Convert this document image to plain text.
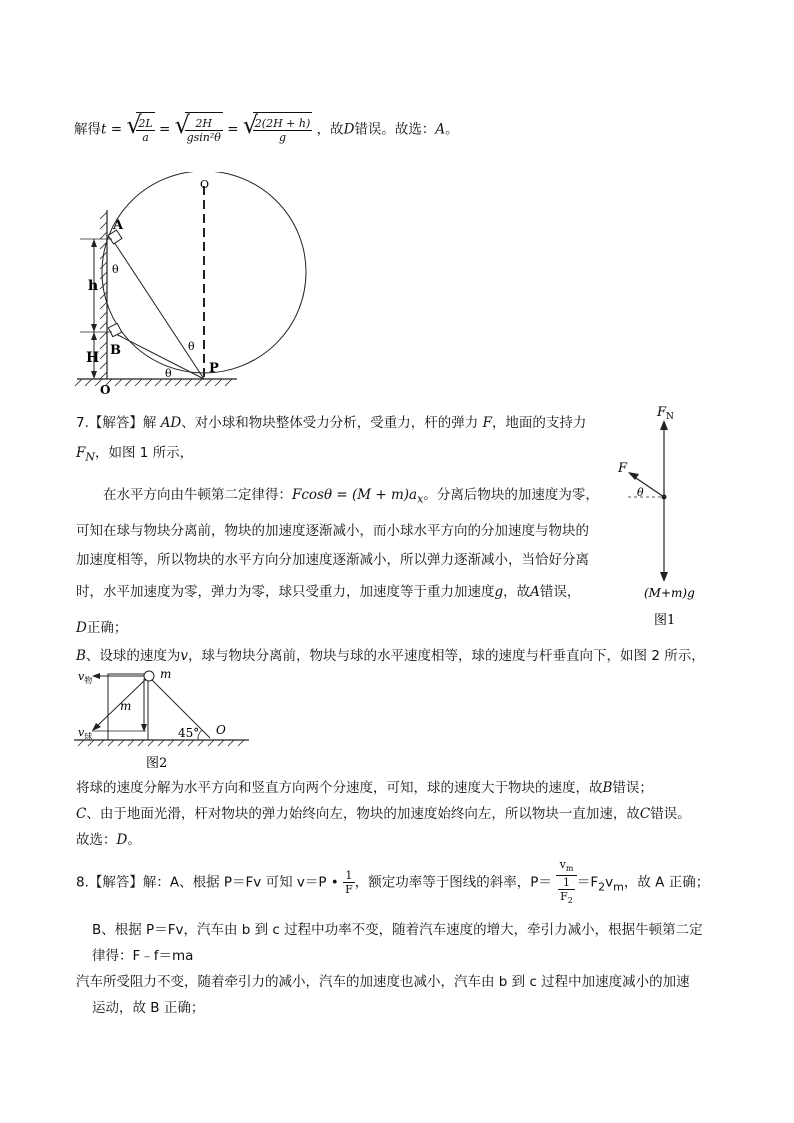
解得t = √
$\frac{2L}{a}$ = √
$\frac{2H}{\text{gsin²θ}}$ = √
$\frac{2(2H + h)}{g}$ ，故D错误。故选：A。
O
A
θ
h
B
H
θ
θ	P
O
7.【解答】解 AD、对小球和物块整体受力分析，受重力，杆的弹力 F，地面的支持力
$F_N$，如图 1 所示，
在水平方向由牛顿第二定律得：$Fcos\theta = (M + m)a_x$。分离后物块的加速度为零，
可知在球与物块分离前，物块的加速度逐渐减小，而小球水平方向的分加速度与物块的
加速度相等，所以物块的水平方向分加速度逐渐减小，所以弹力逐渐减小，当恰好分离
时，水平加速度为零，弹力为零，球只受重力，加速度等于重力加速度g，故A错误，
D正确；
B、设球的速度为v，球与物块分离前，物块与球的水平速度相等，球的速度与杆垂直向下，如图 2 所示，
$F_N$
F
θ
(M+m)g
图1
$v_物$	m
m
$v_球$	45° O
图2
将球的速度分解为水平方向和竖直方向两个分速度，可知，球的速度大于物块的速度，故B错误；
C、由于地面光滑，杆对物块的弹力始终向左，物块的加速度始终向左，所以物块一直加速，故C错误。
故选：D。
8.【解答】解：A、根据 P＝Fv 可知 v＝P • $\frac{1}{F}$ ，额定功率等于图线的斜率，$P= \frac{v_m}{\frac{1}{F_2}} =F_2v_m$，故 A 正确；
B、根据 P＝Fv，汽车由 b 到 c 过程中功率不变，随着汽车速度的增大，牵引力减小，根据牛顿第二定
律得：F﹣f＝ma
汽车所受阻力不变，随着牵引力的减小，汽车的加速度也减小，汽车由 b 到 c 过程中加速度减小的加速
运动，故 B 正确；
